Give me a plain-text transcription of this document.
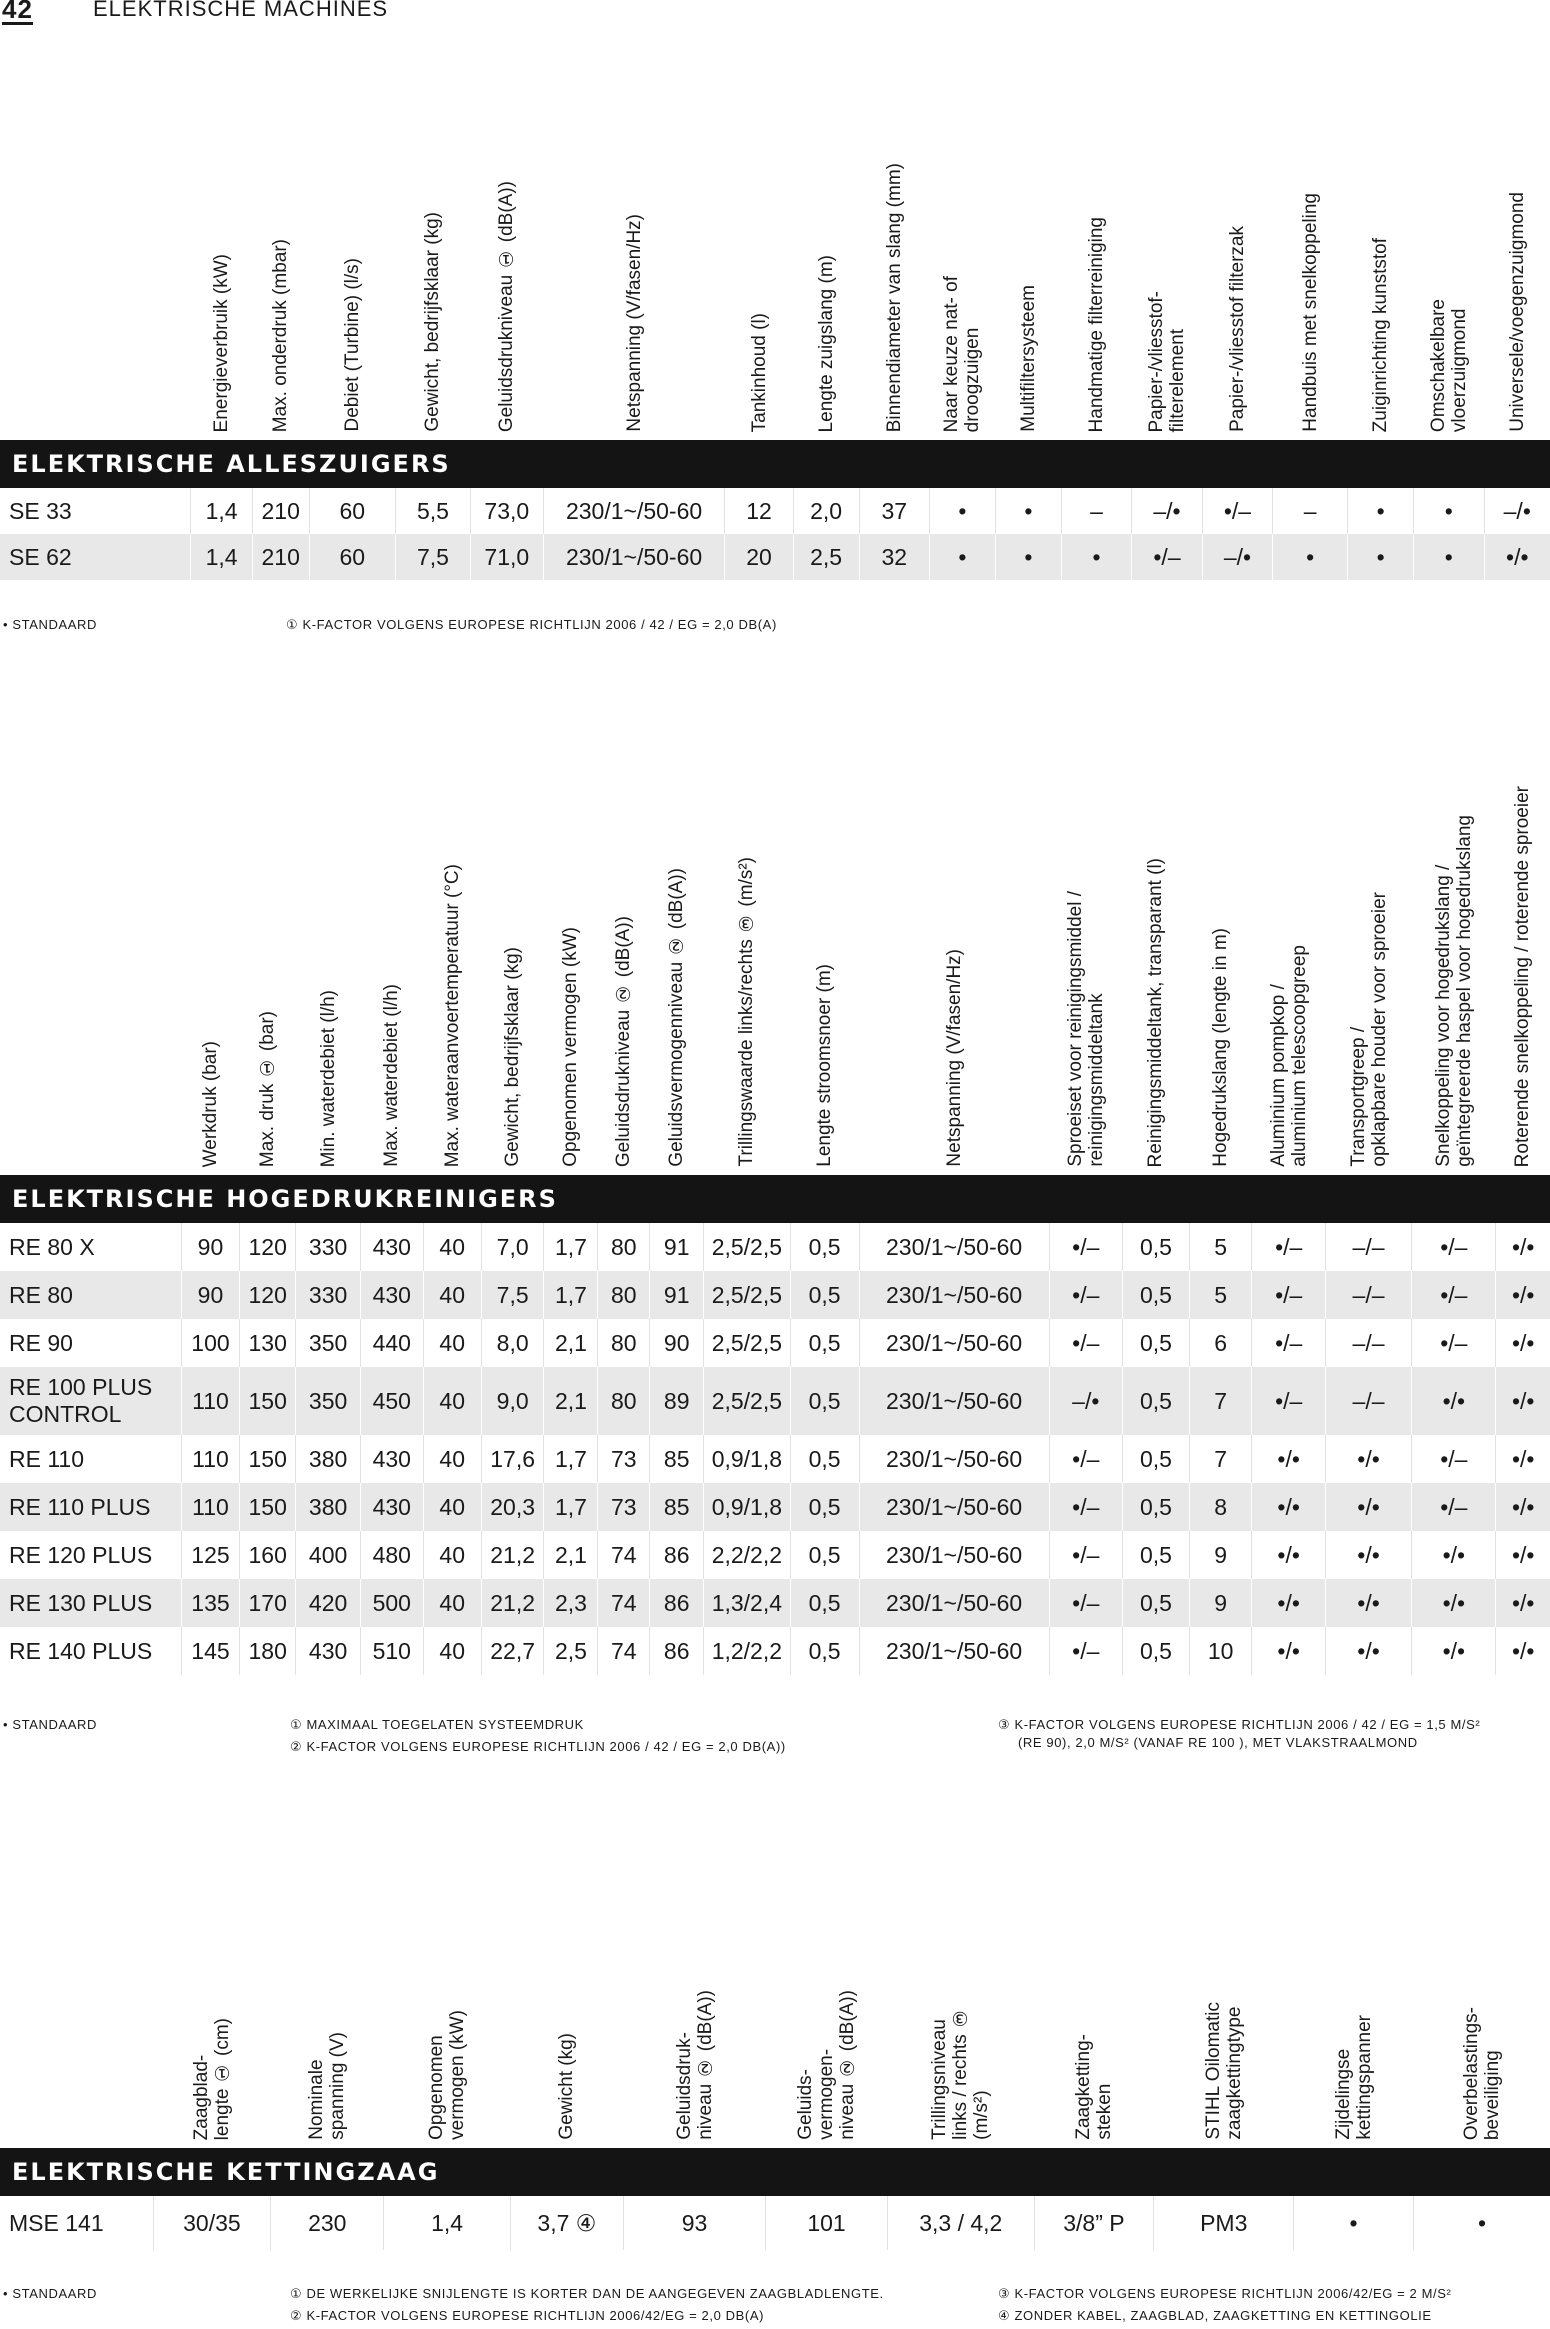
42	ELEKTRISCHE MACHINES

	Energieverbruik (kW)	Max. onderdruk (mbar)	Debiet (Turbine) (l/s)	Gewicht, bedrijfsklaar (kg)	Geluidsdrukniveau ① (dB(A))	Netspanning (V/fasen/Hz)	Tankinhoud (l)	Lengte zuigslang (m)	Binnendiameter van slang (mm)	Naar keuze nat- of
droogzuigen	Multifiltersysteem	Handmatige filterreiniging	Papier-/vliesstof-
filterelement	Papier-/vliesstof filterzak	Handbuis met snelkoppeling	Zuiginrichting kunststof	Omschakelbare
vloerzuigmond	Universele/voegenzuigmond

ELEKTRISCHE ALLESZUIGERS																		
SE 33	1,4	210	60	5,5	73,0	230/1~/50-60	12	2,0	37	•	•	–	–/•	•/–	–	•	•	–/•
SE 62	1,4	210	60	7,5	71,0	230/1~/50-60	20	2,5	32	•	•	•	•/–	–/•	•	•	•	•/•
• STANDAARD	① K-FACTOR VOLGENS EUROPESE RICHTLIJN 2006 / 42 / EG = 2,0 DB(A)

	Werkdruk (bar)	Max. druk ① (bar)	Min. waterdebiet (l/h)	Max. waterdebiet (l/h)	Max. wateraanvoertemperatuur (°C)	Gewicht, bedrijfsklaar (kg)	Opgenomen vermogen (kW)	Geluidsdrukniveau ② (dB(A))	Geluidsvermogenniveau ② (dB(A))	Trillingswaarde links/rechts ③ (m/s²)	Lengte stroomsnoer (m)	Netspanning (V/fasen/Hz)	Sproeiset voor reinigingsmiddel /
reinigingsmiddeltank	Reinigingsmiddeltank, transparant (l)	Hogedrukslang (lengte in m)	Aluminium pompkop /
aluminium telescoopgreep	Transportgreep /
opklapbare houder voor sproeier	Snelkoppeling voor hogedrukslang /
geïntegreerde haspel voor hogedrukslang	Roterende snelkoppeling / roterende sproeier

ELEKTRISCHE HOGEDRUKREINIGERS																			
RE 80 X	90	120	330	430	40	7,0	1,7	80	91	2,5/2,5	0,5	230/1~/50-60	•/–	0,5	5	•/–	–/–	•/–	•/•
RE 80	90	120	330	430	40	7,5	1,7	80	91	2,5/2,5	0,5	230/1~/50-60	•/–	0,5	5	•/–	–/–	•/–	•/•
RE 90	100	130	350	440	40	8,0	2,1	80	90	2,5/2,5	0,5	230/1~/50-60	•/–	0,5	6	•/–	–/–	•/–	•/•
RE 100 PLUS CONTROL	110	150	350	450	40	9,0	2,1	80	89	2,5/2,5	0,5	230/1~/50-60	–/•	0,5	7	•/–	–/–	•/•	•/•
RE 110	110	150	380	430	40	17,6	1,7	73	85	0,9/1,8	0,5	230/1~/50-60	•/–	0,5	7	•/•	•/•	•/–	•/•
RE 110 PLUS	110	150	380	430	40	20,3	1,7	73	85	0,9/1,8	0,5	230/1~/50-60	•/–	0,5	8	•/•	•/•	•/–	•/•
RE 120 PLUS	125	160	400	480	40	21,2	2,1	74	86	2,2/2,2	0,5	230/1~/50-60	•/–	0,5	9	•/•	•/•	•/•	•/•
RE 130 PLUS	135	170	420	500	40	21,2	2,3	74	86	1,3/2,4	0,5	230/1~/50-60	•/–	0,5	9	•/•	•/•	•/•	•/•
RE 140 PLUS	145	180	430	510	40	22,7	2,5	74	86	1,2/2,2	0,5	230/1~/50-60	•/–	0,5	10	•/•	•/•	•/•	•/•
• STANDAARD	① MAXIMAAL TOEGELATEN SYSTEEMDRUK
② K-FACTOR VOLGENS EUROPESE RICHTLIJN 2006 / 42 / EG = 2,0 DB(A))
③ K-FACTOR VOLGENS EUROPESE RICHTLIJN 2006 / 42 / EG = 1,5 M/S²
(RE 90), 2,0 M/S² (VANAF RE 100 ), MET VLAKSTRAALMOND

	Zaagblad-
lengte ① (cm)	Nominale
spanning (V)	Opgenomen
vermogen (kW)	Gewicht (kg)	Geluidsdruk-
niveau ② (dB(A))	Geluids-
vermogen-
niveau ② (dB(A))	Trillingsniveau
links / rechts ③
(m/s²)	Zaagketting-
steken	STIHL Oilomatic
zaagkettingtype	Zijdelingse
kettingspanner	Overbelastings-
beveiliging

ELEKTRISCHE KETTINGZAAG											
MSE 141	30/35	230	1,4	3,7 ④	93	101	3,3 / 4,2	3/8” P	PM3	•	•
• STANDAARD	① DE WERKELIJKE SNIJLENGTE IS KORTER DAN DE AANGEGEVEN ZAAGBLADLENGTE.
② K-FACTOR VOLGENS EUROPESE RICHTLIJN 2006/42/EG = 2,0 DB(A)
③ K-FACTOR VOLGENS EUROPESE RICHTLIJN 2006/42/EG = 2 M/S²
④ ZONDER KABEL, ZAAGBLAD, ZAAGKETTING EN KETTINGOLIE
